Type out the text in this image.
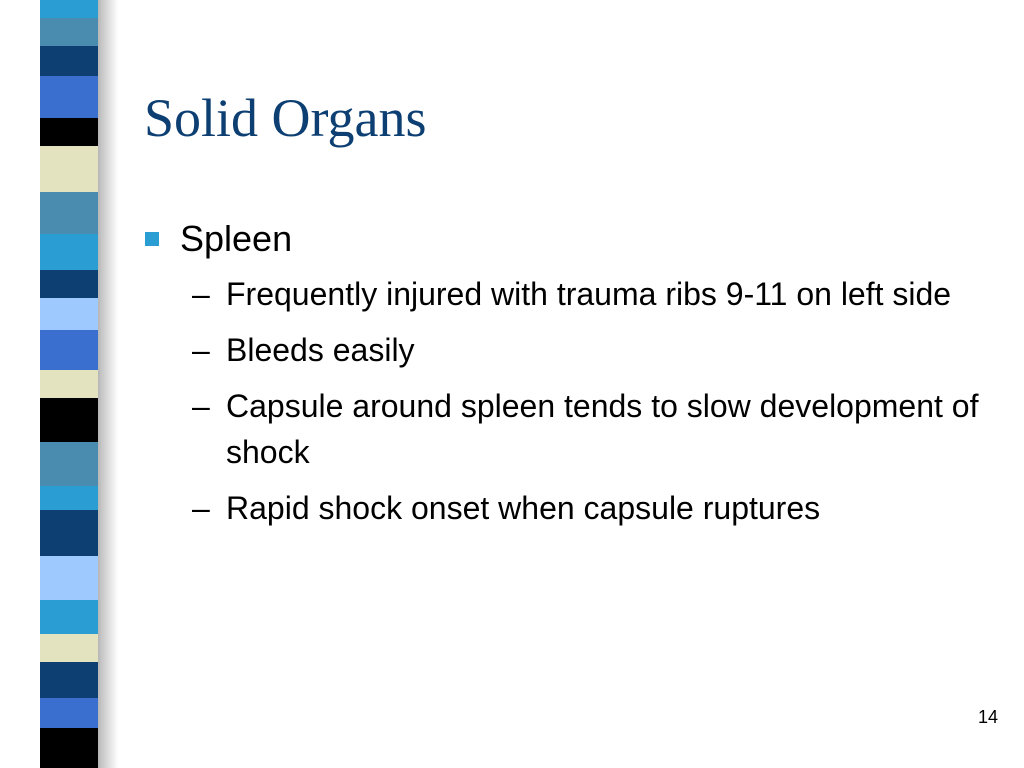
Solid Organs
Spleen
– Frequently injured with trauma ribs 9-11 on left side
– Bleeds easily
– Capsule around spleen tends to slow development of shock
– Rapid shock onset when capsule ruptures
14
